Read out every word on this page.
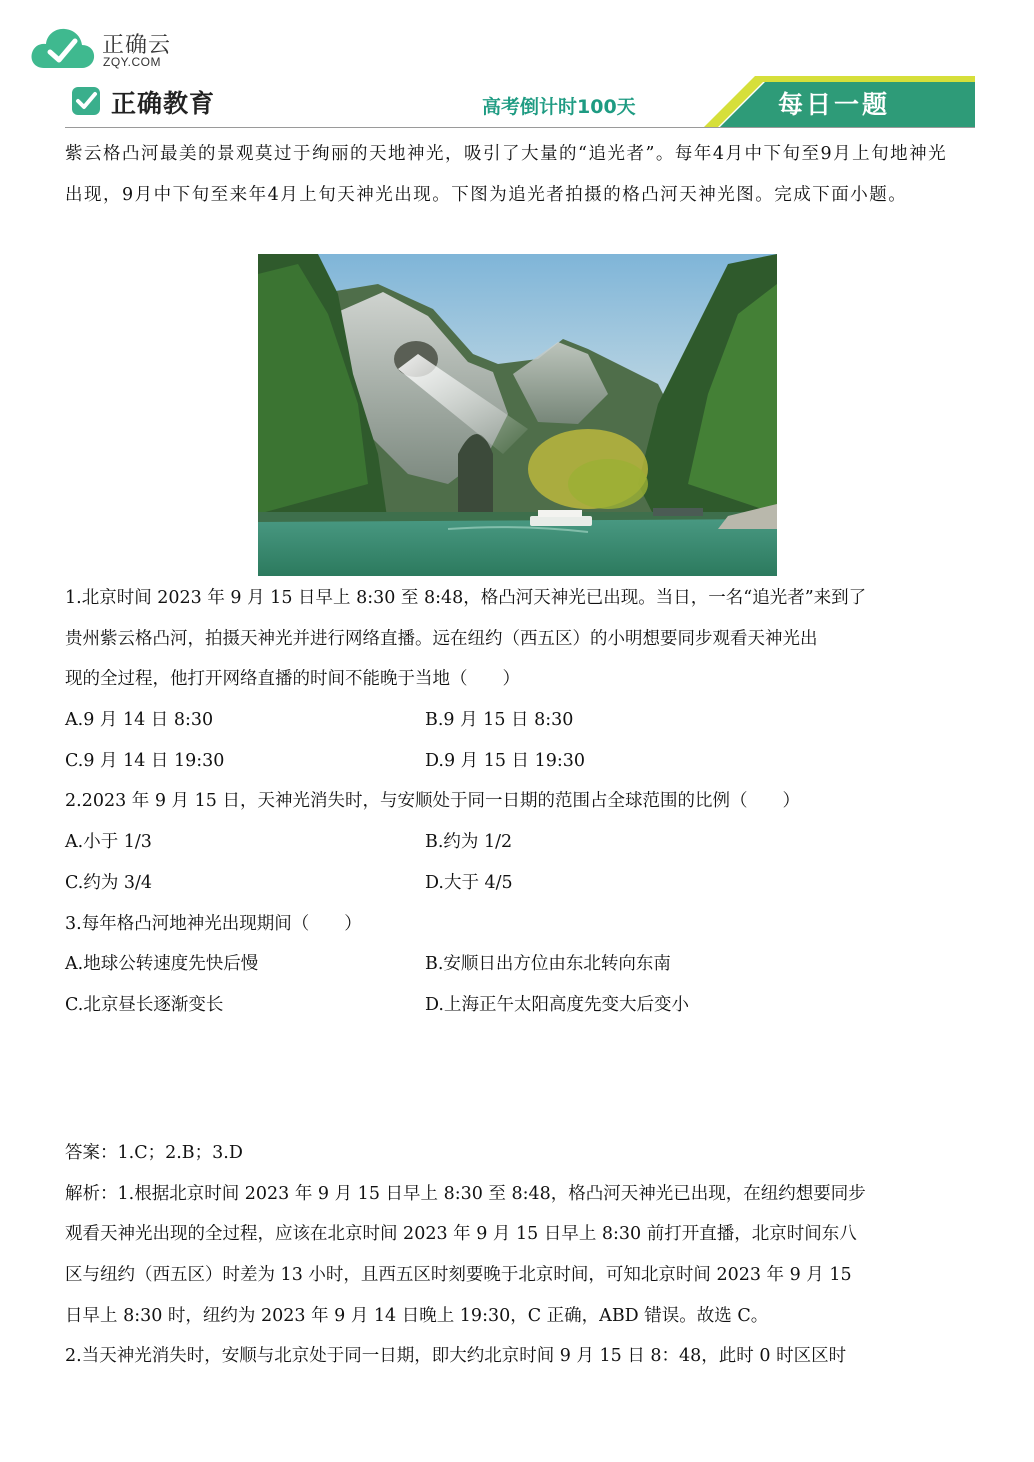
正确云
ZQY.COM
正确教育	高考倒计时100天	每日一题
紫云格凸河最美的景观莫过于绚丽的天地神光，吸引了大量的“追光者”。每年4月中下旬至9月上旬地神光出现，9月中下旬至来年4月上旬天神光出现。下图为追光者拍摄的格凸河天神光图。完成下面小题。
1.北京时间 2023 年 9 月 15 日早上 8:30 至 8:48，格凸河天神光已出现。当日，一名“追光者”来到了
贵州紫云格凸河，拍摄天神光并进行网络直播。远在纽约（西五区）的小明想要同步观看天神光出
现的全过程，他打开网络直播的时间不能晚于当地（　　）
A.9 月 14 日 8:30	B.9 月 15 日 8:30
C.9 月 14 日 19:30	D.9 月 15 日 19:30
2.2023 年 9 月 15 日，天神光消失时，与安顺处于同一日期的范围占全球范围的比例（　　）
A.小于 1/3	B.约为 1/2
C.约为 3/4	D.大于 4/5
3.每年格凸河地神光出现期间（　　）
A.地球公转速度先快后慢	B.安顺日出方位由东北转向东南
C.北京昼长逐渐变长	D.上海正午太阳高度先变大后变小
答案：1.C；2.B；3.D
解析：1.根据北京时间 2023 年 9 月 15 日早上 8:30 至 8:48，格凸河天神光已出现，在纽约想要同步
观看天神光出现的全过程，应该在北京时间 2023 年 9 月 15 日早上 8:30 前打开直播，北京时间东八
区与纽约（西五区）时差为 13 小时，且西五区时刻要晚于北京时间，可知北京时间 2023 年 9 月 15
日早上 8:30 时，纽约为 2023 年 9 月 14 日晚上 19:30，C 正确，ABD 错误。故选 C。
2.当天神光消失时，安顺与北京处于同一日期，即大约北京时间 9 月 15 日 8：48，此时 0 时区区时
